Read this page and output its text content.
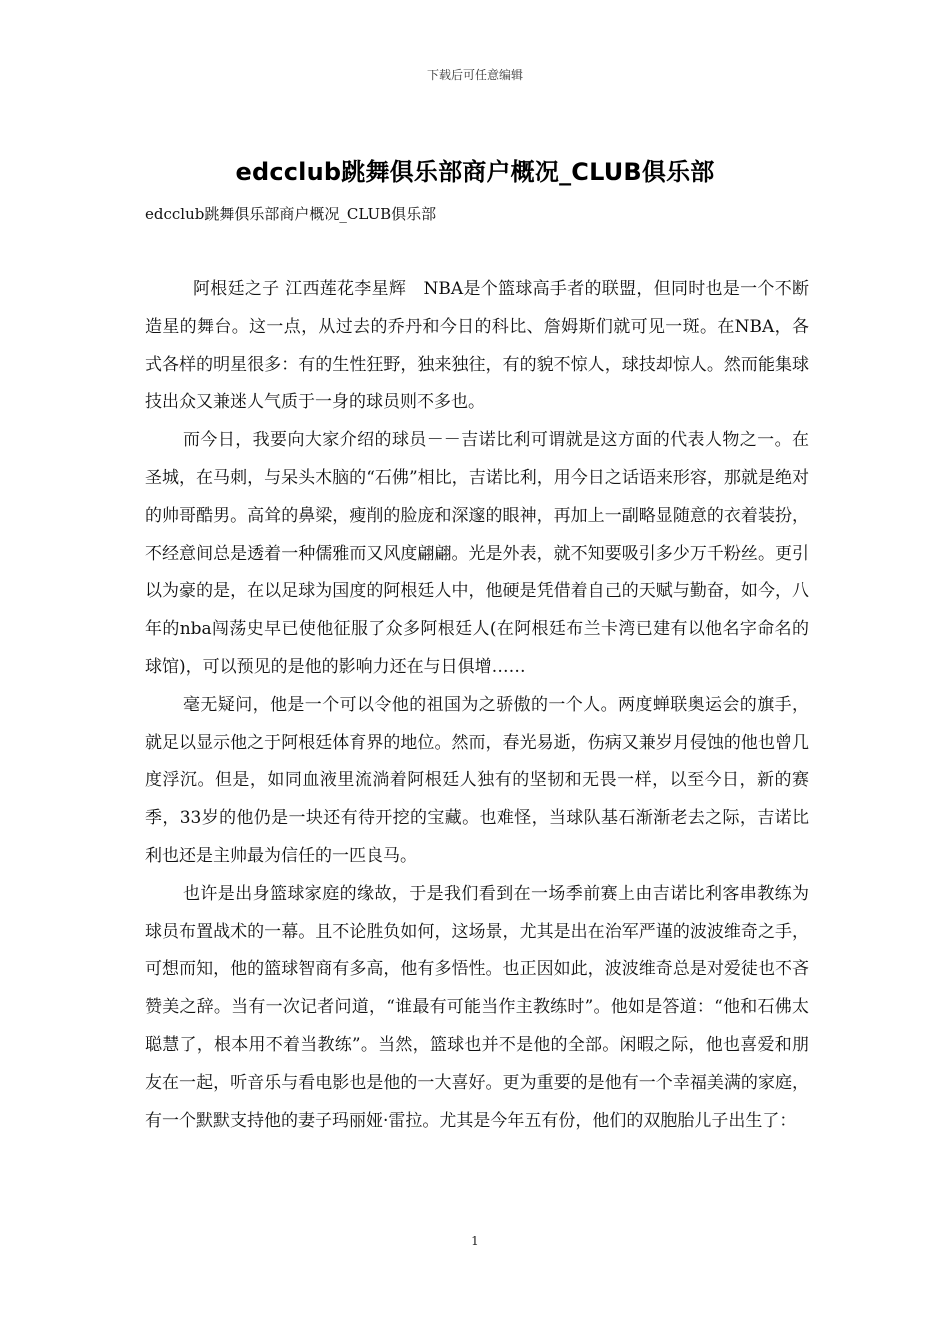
下载后可任意编辑
edcclub跳舞俱乐部商户概况_CLUB俱乐部
edcclub跳舞俱乐部商户概况_CLUB俱乐部

阿根廷之子 江西莲花李星辉　NBA是个篮球高手者的联盟，但同时也是一个不断造星的舞台。这一点，从过去的乔丹和今日的科比、詹姆斯们就可见一斑。在NBA，各式各样的明星很多：有的生性狂野，独来独往，有的貌不惊人，球技却惊人。然而能集球技出众又兼迷人气质于一身的球员则不多也。

而今日，我要向大家介绍的球员－－吉诺比利可谓就是这方面的代表人物之一。在圣城，在马刺，与呆头木脑的“石佛”相比，吉诺比利，用今日之话语来形容，那就是绝对的帅哥酷男。高耸的鼻梁，瘦削的脸庞和深邃的眼神，再加上一副略显随意的衣着装扮，不经意间总是透着一种儒雅而又风度翩翩。光是外表，就不知要吸引多少万千粉丝。更引以为豪的是，在以足球为国度的阿根廷人中，他硬是凭借着自己的天赋与勤奋，如今，八年的nba闯荡史早已使他征服了众多阿根廷人(在阿根廷布兰卡湾已建有以他名字命名的球馆)，可以预见的是他的影响力还在与日俱增……

毫无疑问，他是一个可以令他的祖国为之骄傲的一个人。两度蝉联奥运会的旗手，就足以显示他之于阿根廷体育界的地位。然而，春光易逝，伤病又兼岁月侵蚀的他也曾几度浮沉。但是，如同血液里流淌着阿根廷人独有的坚韧和无畏一样，以至今日，新的赛季，33岁的他仍是一块还有待开挖的宝藏。也难怪，当球队基石渐渐老去之际，吉诺比利也还是主帅最为信任的一匹良马。

也许是出身篮球家庭的缘故，于是我们看到在一场季前赛上由吉诺比利客串教练为球员布置战术的一幕。且不论胜负如何，这场景，尤其是出在治军严谨的波波维奇之手，可想而知，他的篮球智商有多高，他有多悟性。也正因如此，波波维奇总是对爱徒也不吝赞美之辞。当有一次记者问道，“谁最有可能当作主教练时”。他如是答道：“他和石佛太聪慧了，根本用不着当教练”。当然，篮球也并不是他的全部。闲暇之际，他也喜爱和朋友在一起，听音乐与看电影也是他的一大喜好。更为重要的是他有一个幸福美满的家庭，有一个默默支持他的妻子玛丽娅·雷拉。尤其是今年五有份，他们的双胞胎儿子出生了：

1
